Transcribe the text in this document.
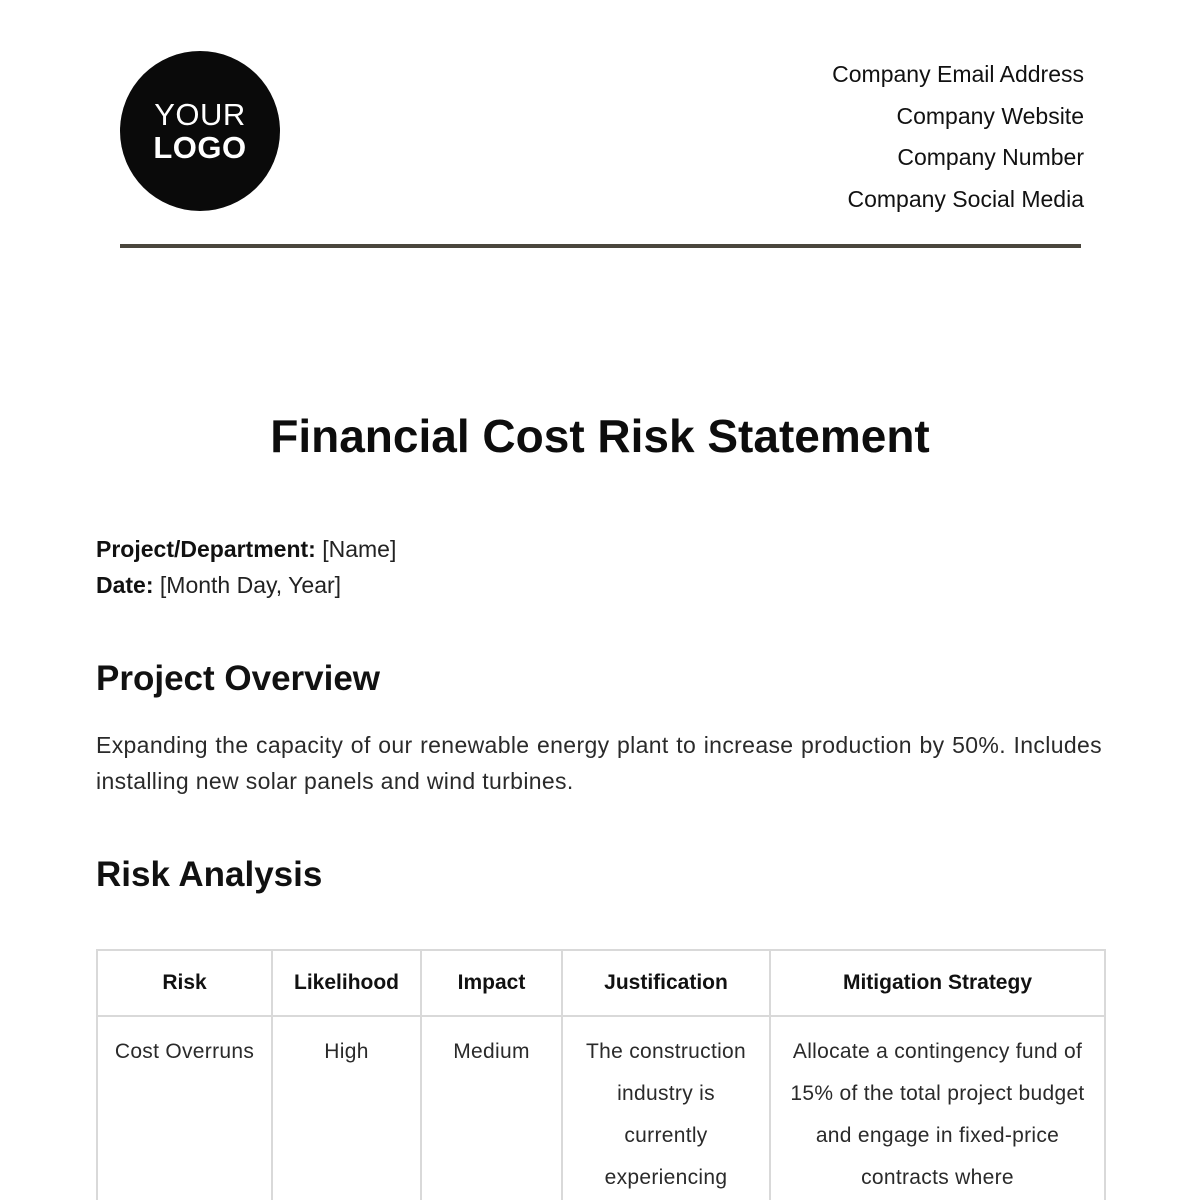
YOUR
LOGO
Company Email Address
Company Website
Company Number
Company Social Media
Financial Cost Risk Statement
Project/Department: [Name]
Date: [Month Day, Year]
Project Overview
Expanding the capacity of our renewable energy plant to increase production by 50%. Includes installing new solar panels and wind turbines.
Risk Analysis
Risk	Likelihood	Impact	Justification	Mitigation Strategy
Cost Overruns	High	Medium	The construction industry is currently experiencing	Allocate a contingency fund of 15% of the total project budget and engage in fixed-price contracts where
